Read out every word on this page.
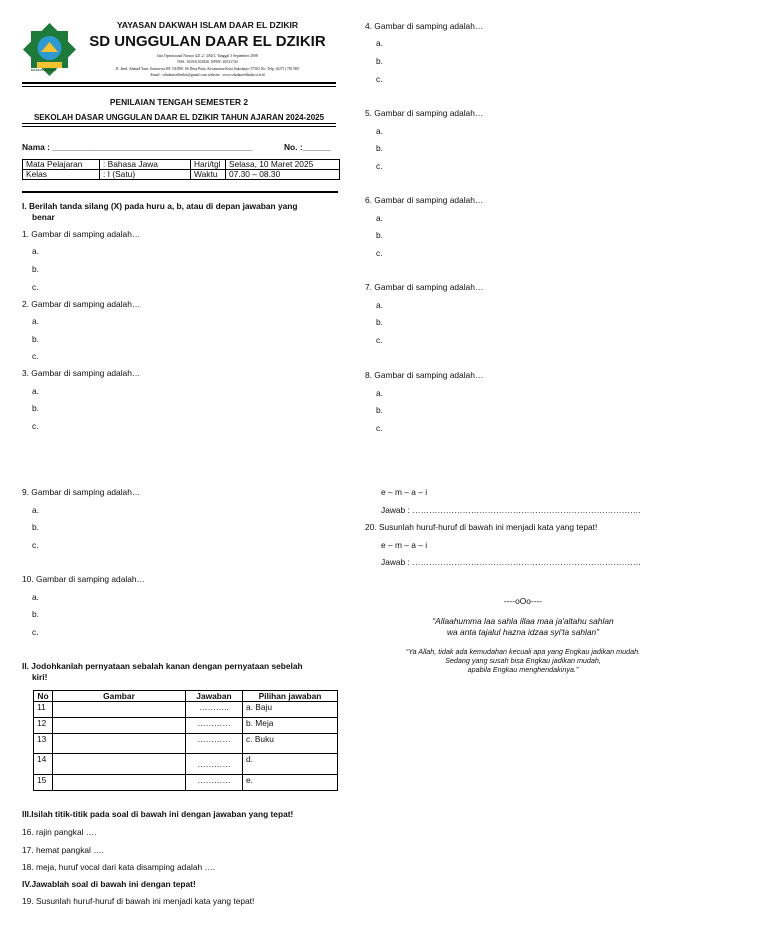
DAAR EL DZIKIR
YAYASAN DAKWAH ISLAM DAAR EL DZIKIR
SD UNGGULAN DAAR EL DZIKIR
Izin Operasional Nomor 421.2 / 284/3, Tanggal 3 September 2008
NSS: 102031102840, NPSN: 20541744
Jl. Jend. Ahmad Yani, Sonosewu RT. 03/RW. 06 Desa Bulu, Kecamatan Kota Sukoharjo 57563 No. Telp. (0271) 781 000
Email : sdudaarseldzikir@gmail.com website : www.sdudaareldzikir.sch.id
PENILAIAN TENGAH SEMESTER 2
SEKOLAH DASAR UNGGULAN DAAR EL DZIKIR TAHUN AJARAN 2024-2025
Nama : ___________________________________________	No. :______
Mata Pelajaran	: Bahasa Jawa	Hari/tgl	Selasa, 10 Maret 2025
Kelas	: I (Satu)	Waktu	07.30 – 08.30
I. Berilah tanda silang (X) pada huru a, b, atau di depan jawaban yang
benar
1. Gambar di samping adalah…
a.
b.
c.
2. Gambar di samping adalah…
a.
b.
c.
3. Gambar di samping adalah…
a.
b.
c.
9. Gambar di samping adalah…
a.
b.
c.
10. Gambar di samping adalah…
a.
b.
c.
4. Gambar di samping adalah…
a.
b.
c.
5. Gambar di samping adalah…
a.
b.
c.
6. Gambar di samping adalah…
a.
b.
c.
7. Gambar di samping adalah…
a.
b.
c.
8. Gambar di samping adalah…
a.
b.
c.
II. Jodohkanlah pernyataan sebalah kanan dengan pernyataan sebelah
kiri!
No	Gambar	Jawaban	Pilihan jawaban
11		………..	a. Baju
12		…………	b. Meja
13		…………	c. Buku
14		…………	d.
15		…………	e.
III.Isilah titik-titik pada soal di bawah ini dengan jawaban yang tepat!
16. rajin pangkal ….
17. hemat pangkal ….
18. meja, huruf vocal dari kata disamping adalah ….
IV.Jawablah soal di bawah ini dengan tepat!
19. Susunlah huruf-huruf di bawah ini menjadi kata yang tepat!
e – m – a – i
Jawab : ……………………………………………………………………….
20. Susunlah huruf-huruf di bawah ini menjadi kata yang tepat!
e – m – a – i
Jawab : ……………………………………………………………………….
----oOo----
“Allaahumma laa sahla illaa maa ja'altahu sahlan
wa anta tajalul hazna idzaa syi'ta sahlan”
“Ya Allah, tidak ada kemudahan kecuali apa yang Engkau jadikan mudah.
Sedang yang susah bisa Engkau jadikan mudah,
apabila Engkau menghendakinya.”
